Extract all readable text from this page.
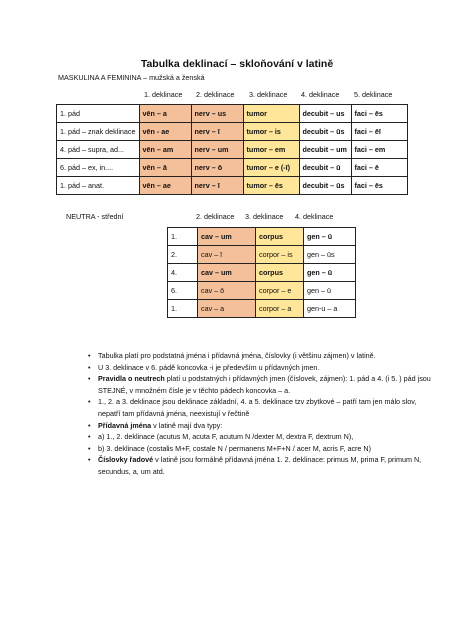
Tabulka deklinací – skloňování v latině
MASKULINA A FEMININA – mužská a ženská
1. deklinace 2. deklinace 3. deklinace 4. deklinace 5. deklinace
1. pád	vēn – a	nerv – us	tumor	decubit – us	faci – ēs
1. pád – znak deklinace	vēn - ae	nerv – ī	tumor – is	decubit – ūs	faci – ēī
4. pád – supra, ad...	vēn – am	nerv – um	tumor – em	decubit – um	faci – em
6. pád – ex, in....	vēn – ā	nerv – ō	tumor – e (-ī)	decubit – ū	faci – ē
1. pád – anat.	vēn – ae	nerv – ī	tumor – ēs	decubit – ūs	faci – ēs
NEUTRA - střední	2. deklinace 3. deklinace 4. deklinace
1.	cav – um	corpus	gen – ū
2.	cav – ī	corpor – is	gen – ūs
4.	cav – um	corpus	gen – ū
6.	cav – ō	corpor – e	gen – ū
1.	cav – a	corpor – a	gen-u – a
• Tabulka platí pro podstatná jména i přídavná jména, číslovky (i většinu zájmen) v latině.
• U 3. deklinace v 6. pádě koncovka -i je především u přídavných jmen.
• Pravidla o neutrech platí u podstatných i přídavných jmen (číslovek, zájmen): 1. pád a 4. (i 5. ) pád jsou STEJNÉ, v množném čísle je v těchto pádech koncovka – a.
• 1., 2. a 3. deklinace jsou deklinace základní, 4. a 5. deklinace tzv zbytkové – patří tam jen málo slov, nepatří tam přídavná jména, neexistují v řečtině
• Přídavná jména v latině mají dva typy:
• a) 1., 2. deklinace (acutus M, acuta F, acutum N /dexter M, dextra F, dextrum N),
• b) 3. deklinace (costalis M+F, costale N / permanens M+F+N / acer M, acris F, acre N)
• Číslovky řadové v latině jsou formálně přídavná jména 1. 2. deklinace: primus M, prima F, primum N, secundus, a, um atd.
